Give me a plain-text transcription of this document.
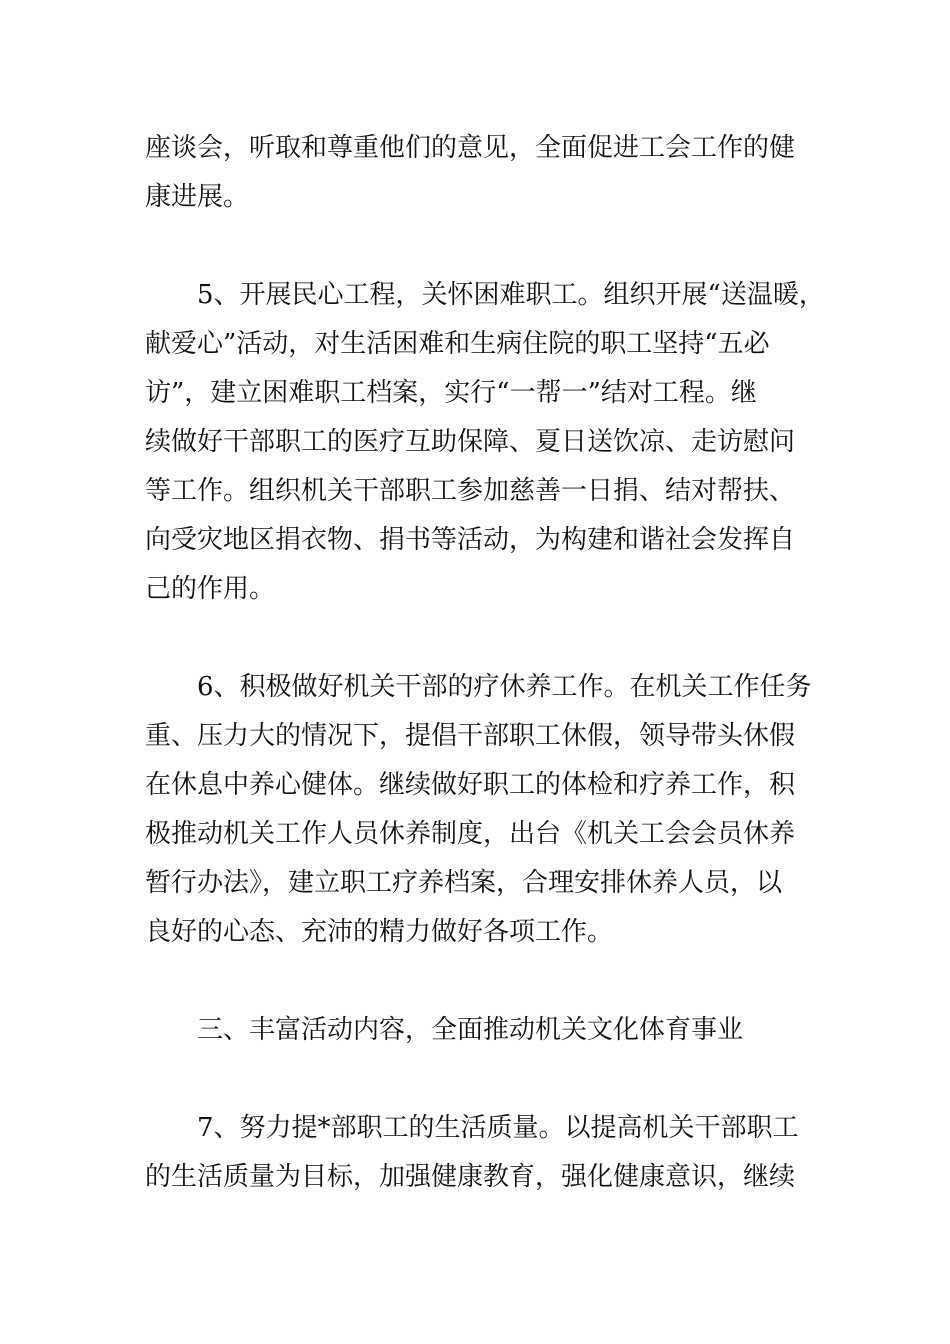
座谈会，听取和尊重他们的意见，全面促进工会工作的健
康进展。
5、开展民心工程，关怀困难职工。组织开展“送温暖，
献爱心”活动，对生活困难和生病住院的职工坚持“五必
访”，建立困难职工档案，实行“一帮一”结对工程。继
续做好干部职工的医疗互助保障、夏日送饮凉、走访慰问
等工作。组织机关干部职工参加慈善一日捐、结对帮扶、
向受灾地区捐衣物、捐书等活动，为构建和谐社会发挥自
己的作用。
6、积极做好机关干部的疗休养工作。在机关工作任务
重、压力大的情况下，提倡干部职工休假，领导带头休假
在休息中养心健体。继续做好职工的体检和疗养工作，积
极推动机关工作人员休养制度，出台《机关工会会员休养
暂行办法》，建立职工疗养档案，合理安排休养人员，以
良好的心态、充沛的精力做好各项工作。
三、丰富活动内容，全面推动机关文化体育事业
7、努力提*部职工的生活质量。以提高机关干部职工
的生活质量为目标，加强健康教育，强化健康意识，继续
